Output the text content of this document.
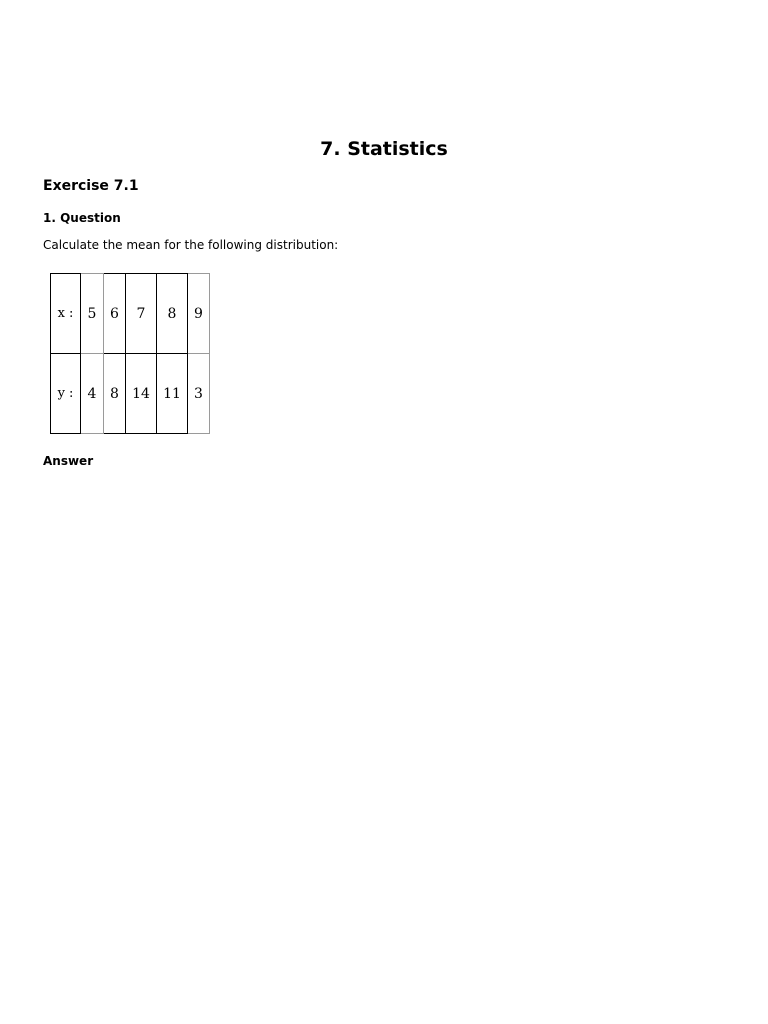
7. Statistics
Exercise 7.1
1. Question

Calculate the mean for the following distribution:

x :	5	6	7	8	9
y :	4	8	14	11	3

Answer
